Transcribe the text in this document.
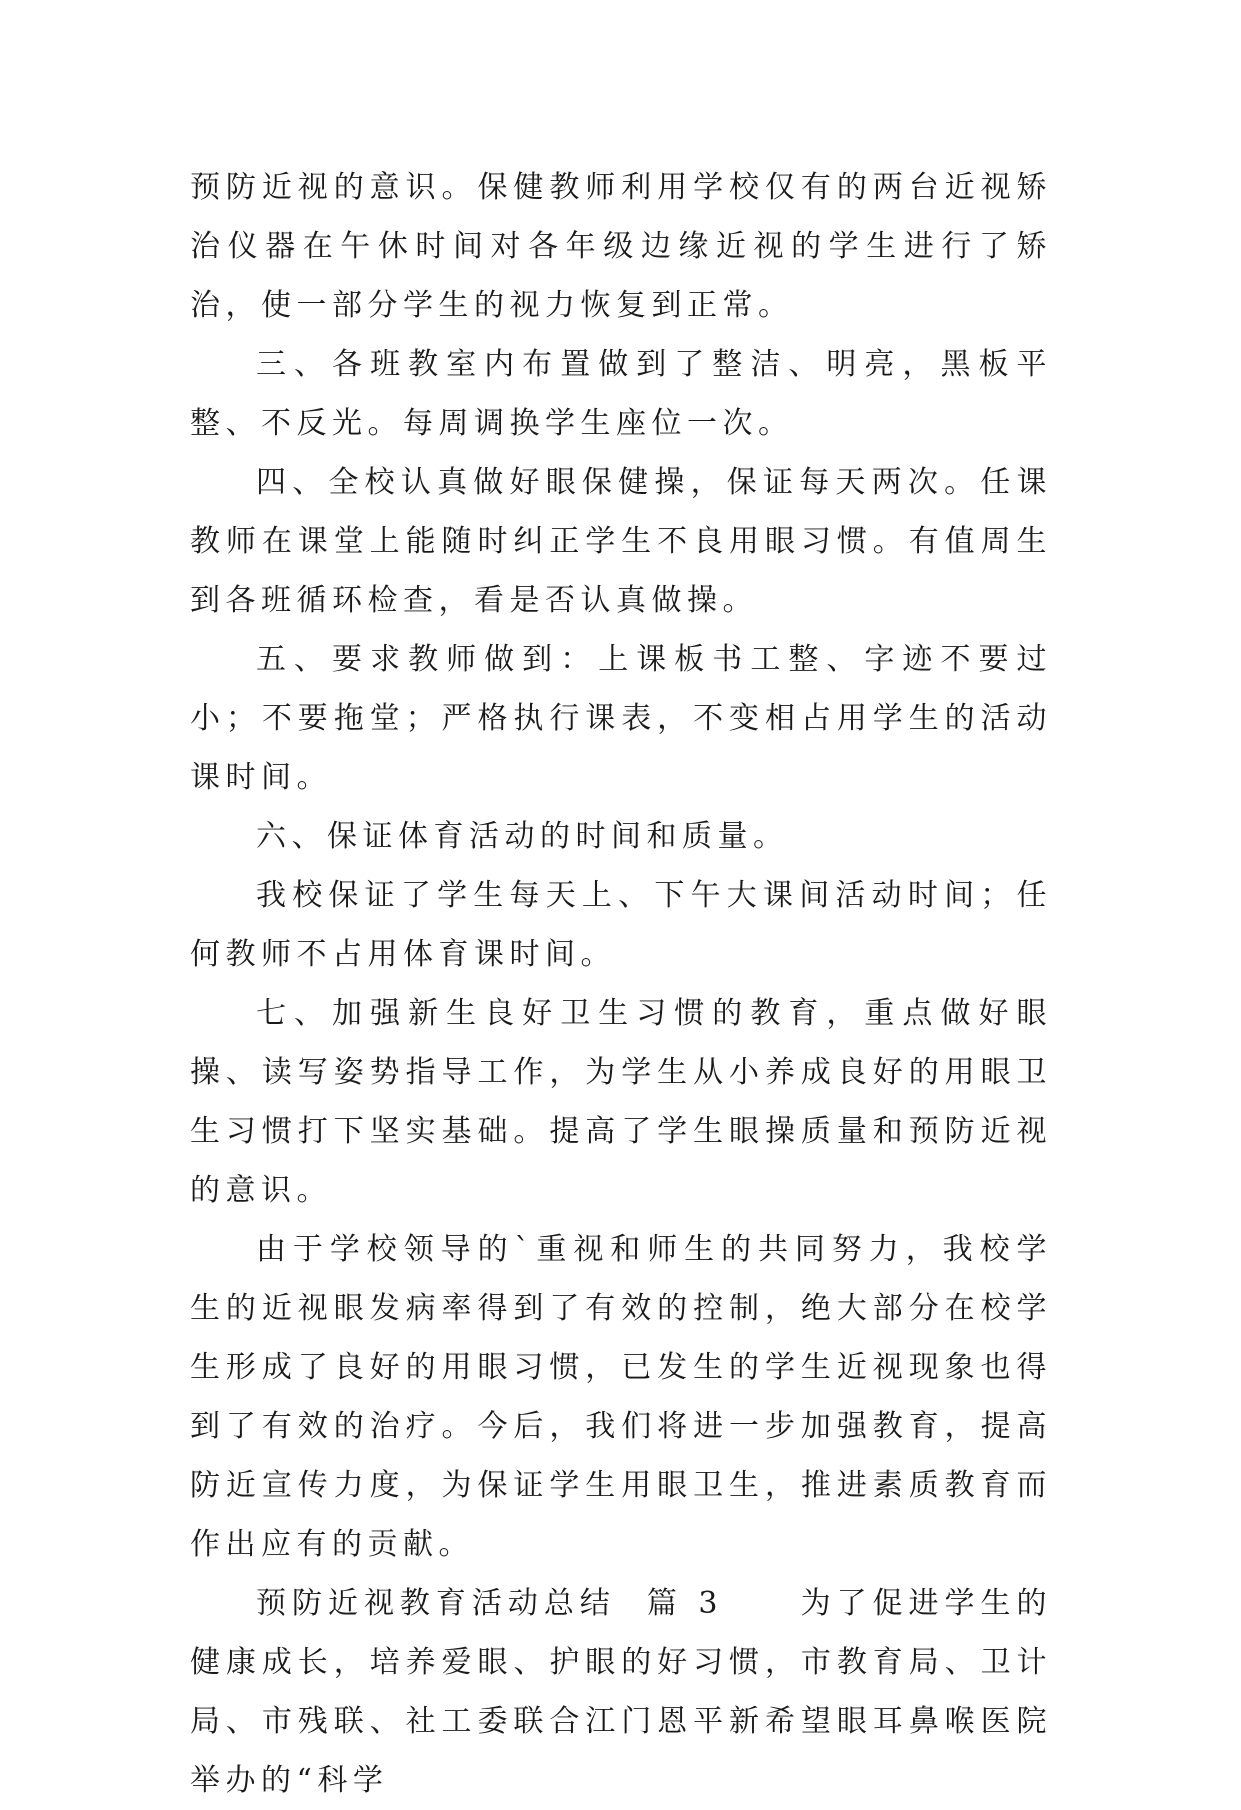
预防近视的意识。保健教师利用学校仅有的两台近视矫治仪器在午休时间对各年级边缘近视的学生进行了矫治，使一部分学生的视力恢复到正常。

三、各班教室内布置做到了整洁、明亮，黑板平整、不反光。每周调换学生座位一次。

四、全校认真做好眼保健操，保证每天两次。任课教师在课堂上能随时纠正学生不良用眼习惯。有值周生到各班循环检查，看是否认真做操。

五、要求教师做到：上课板书工整、字迹不要过小；不要拖堂；严格执行课表，不变相占用学生的活动课时间。

六、保证体育活动的时间和质量。

我校保证了学生每天上、下午大课间活动时间；任何教师不占用体育课时间。

七、加强新生良好卫生习惯的教育，重点做好眼操、读写姿势指导工作，为学生从小养成良好的用眼卫生习惯打下坚实基础。提高了学生眼操质量和预防近视的意识。

由于学校领导的`重视和师生的共同努力，我校学生的近视眼发病率得到了有效的控制，绝大部分在校学生形成了良好的用眼习惯，已发生的学生近视现象也得到了有效的治疗。今后，我们将进一步加强教育，提高防近宣传力度，为保证学生用眼卫生，推进素质教育而作出应有的贡献。

预防近视教育活动总结  篇 3     为了促进学生的健康成长，培养爱眼、护眼的好习惯，市教育局、卫计局、市残联、社工委联合江门恩平新希望眼耳鼻喉医院举办的“科学
